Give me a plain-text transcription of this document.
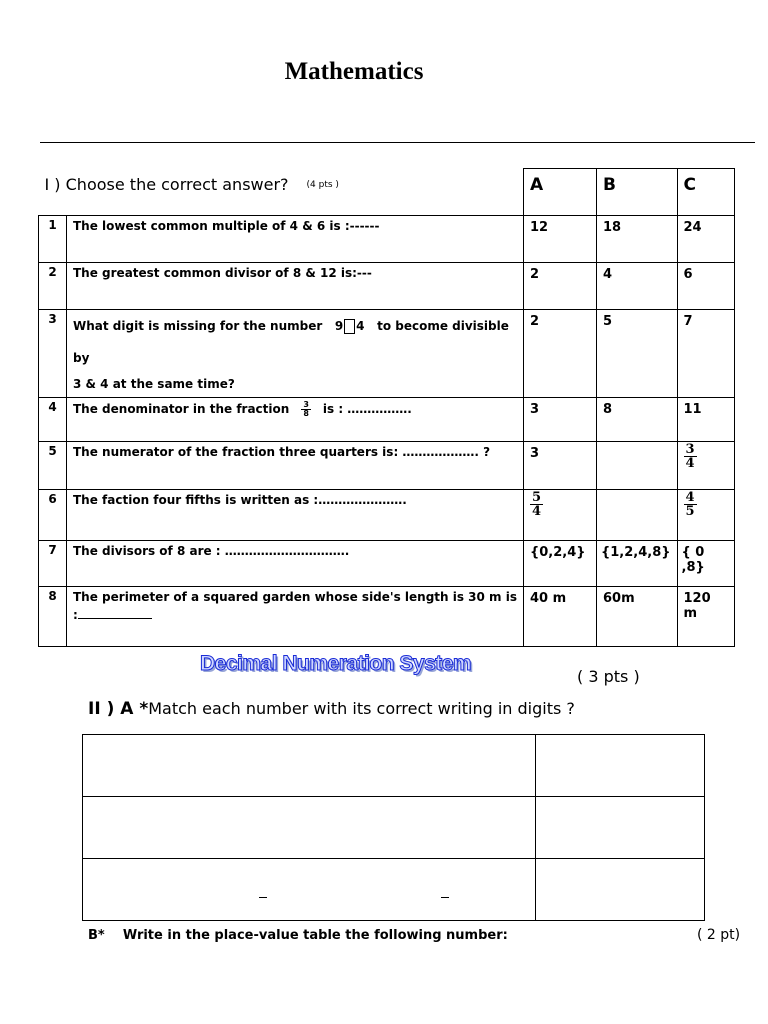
Mathematics
I ) Choose the correct answer? (4 pts )		A	B	C
1	The lowest common multiple of 4 & 6 is :------	12	18	24
2	The greatest common divisor of 8 & 12 is:---	2	4	6
3	What digit is missing for the number 9 4 to become divisible by
3 & 4 at the same time?	2	5	7
4	The denominator in the fraction $\frac{3}{8}$ is : …………….	3	8	11
5	The numerator of the fraction three quarters is: ………………. ?	3		$\frac{3}{4}$

6	The faction four fifths is written as :………………….	$\frac{5}{4}$		$\frac{4}{5}$

7	The divisors of 8 are : ………………………….	{0,2,4}	{1,2,4,8}	{ 0 ,8}
8	The perimeter of a squared garden whose side's length is 30 m is
:	40 m	60m	120 m
Decimal Numeration System
( 3 pts )
II ) A *Match each number with its correct writing in digits ?

B* Write in the place-value table the following number:	( 2 pt)
